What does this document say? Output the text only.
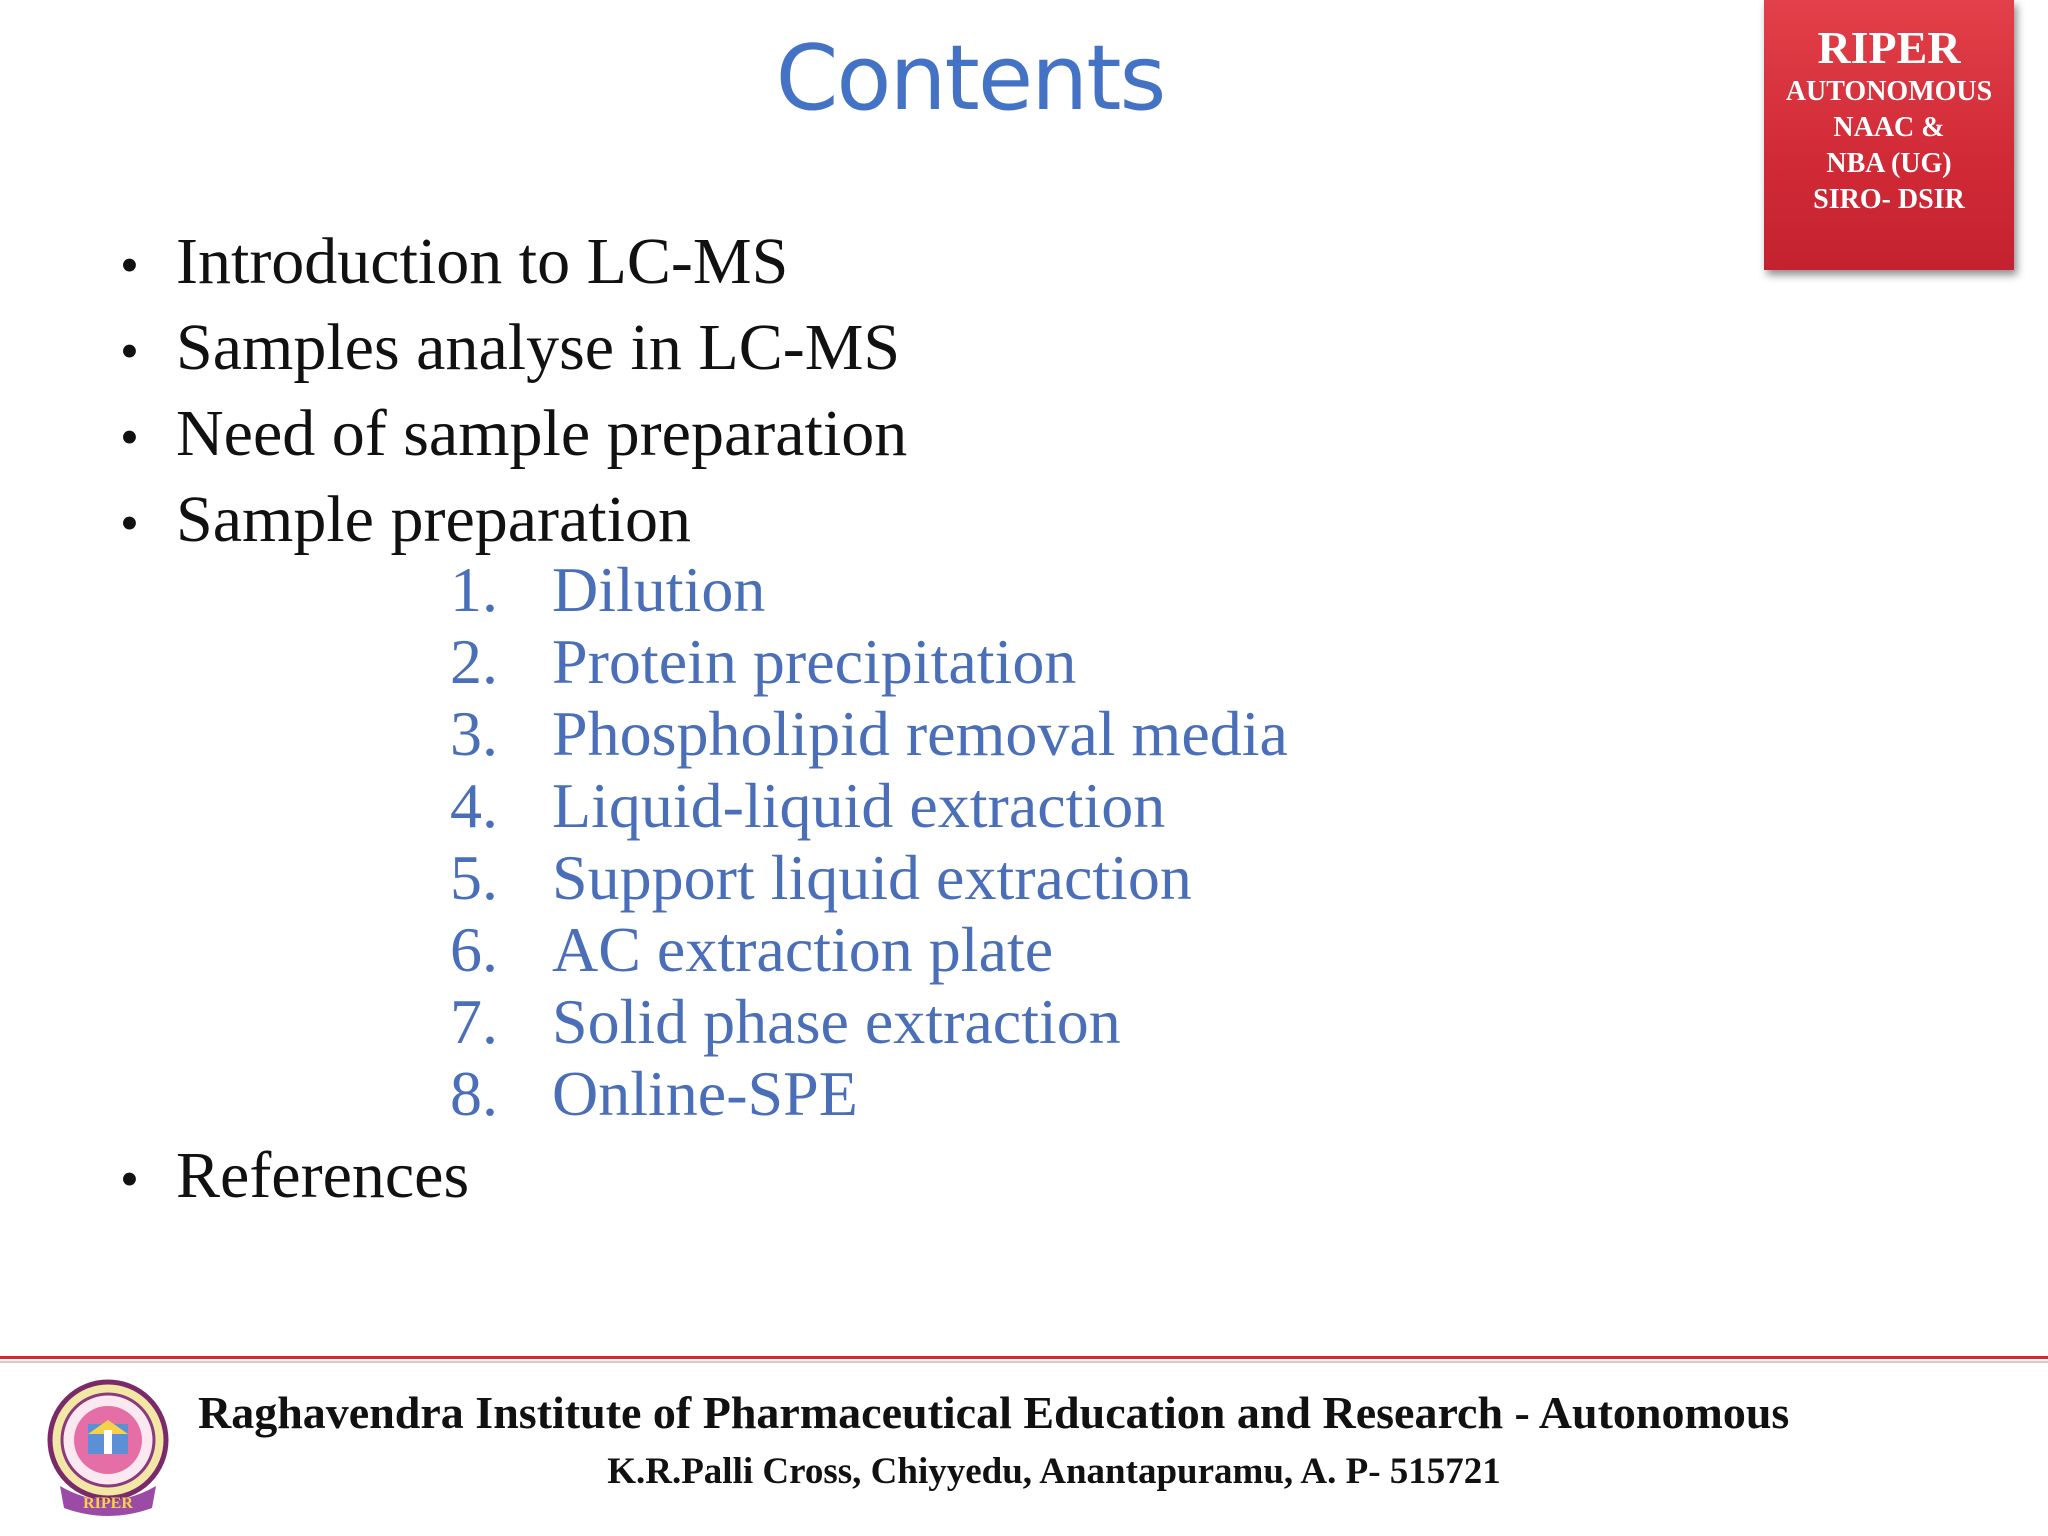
Contents	RIPER
AUTONOMOUS
NAAC &
NBA (UG)
SIRO- DSIR
• Introduction to LC-MS
• Samples analyse in LC-MS
• Need of sample preparation
• Sample preparation
1. Dilution
2. Protein precipitation
3. Phospholipid removal media
4. Liquid-liquid extraction
5. Support liquid extraction
6. AC extraction plate
7. Solid phase extraction
8. Online-SPE
• References
RIPER
Raghavendra Institute of Pharmaceutical Education and Research - Autonomous
K.R.Palli Cross, Chiyyedu, Anantapuramu, A. P- 515721
